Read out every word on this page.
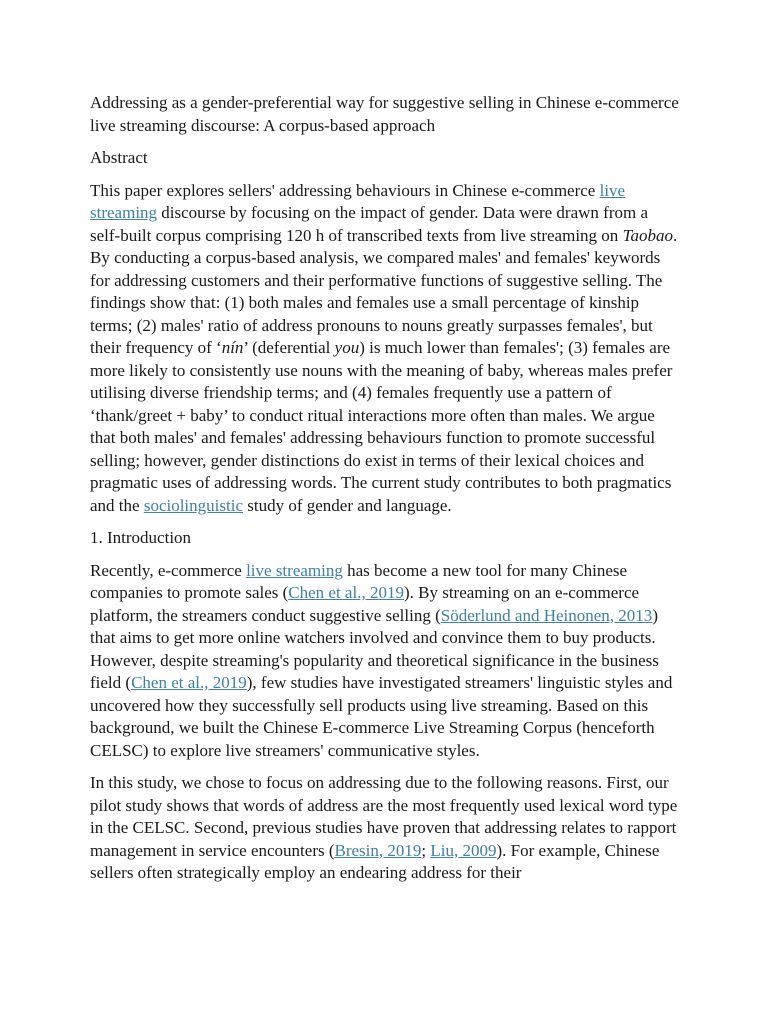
Addressing as a gender-preferential way for suggestive selling in Chinese e-commerce live streaming discourse: A corpus-based approach

Abstract

This paper explores sellers' addressing behaviours in Chinese e-commerce live streaming discourse by focusing on the impact of gender. Data were drawn from a self-built corpus comprising 120 h of transcribed texts from live streaming on Taobao. By conducting a corpus-based analysis, we compared males' and females' keywords for addressing customers and their performative functions of suggestive selling. The findings show that: (1) both males and females use a small percentage of kinship terms; (2) males' ratio of address pronouns to nouns greatly surpasses females', but their frequency of ‘nín’ (deferential you) is much lower than females'; (3) females are more likely to consistently use nouns with the meaning of baby, whereas males prefer utilising diverse friendship terms; and (4) females frequently use a pattern of ‘thank/greet + baby’ to conduct ritual interactions more often than males. We argue that both males' and females' addressing behaviours function to promote successful selling; however, gender distinctions do exist in terms of their lexical choices and pragmatic uses of addressing words. The current study contributes to both pragmatics and the sociolinguistic study of gender and language.

1. Introduction

Recently, e-commerce live streaming has become a new tool for many Chinese companies to promote sales (Chen et al., 2019). By streaming on an e-commerce platform, the streamers conduct suggestive selling (Söderlund and Heinonen, 2013) that aims to get more online watchers involved and convince them to buy products. However, despite streaming's popularity and theoretical significance in the business field (Chen et al., 2019), few studies have investigated streamers' linguistic styles and uncovered how they successfully sell products using live streaming. Based on this background, we built the Chinese E-commerce Live Streaming Corpus (henceforth CELSC) to explore live streamers' communicative styles.

In this study, we chose to focus on addressing due to the following reasons. First, our pilot study shows that words of address are the most frequently used lexical word type in the CELSC. Second, previous studies have proven that addressing relates to rapport management in service encounters (Bresin, 2019; Liu, 2009). For example, Chinese sellers often strategically employ an endearing address for their
